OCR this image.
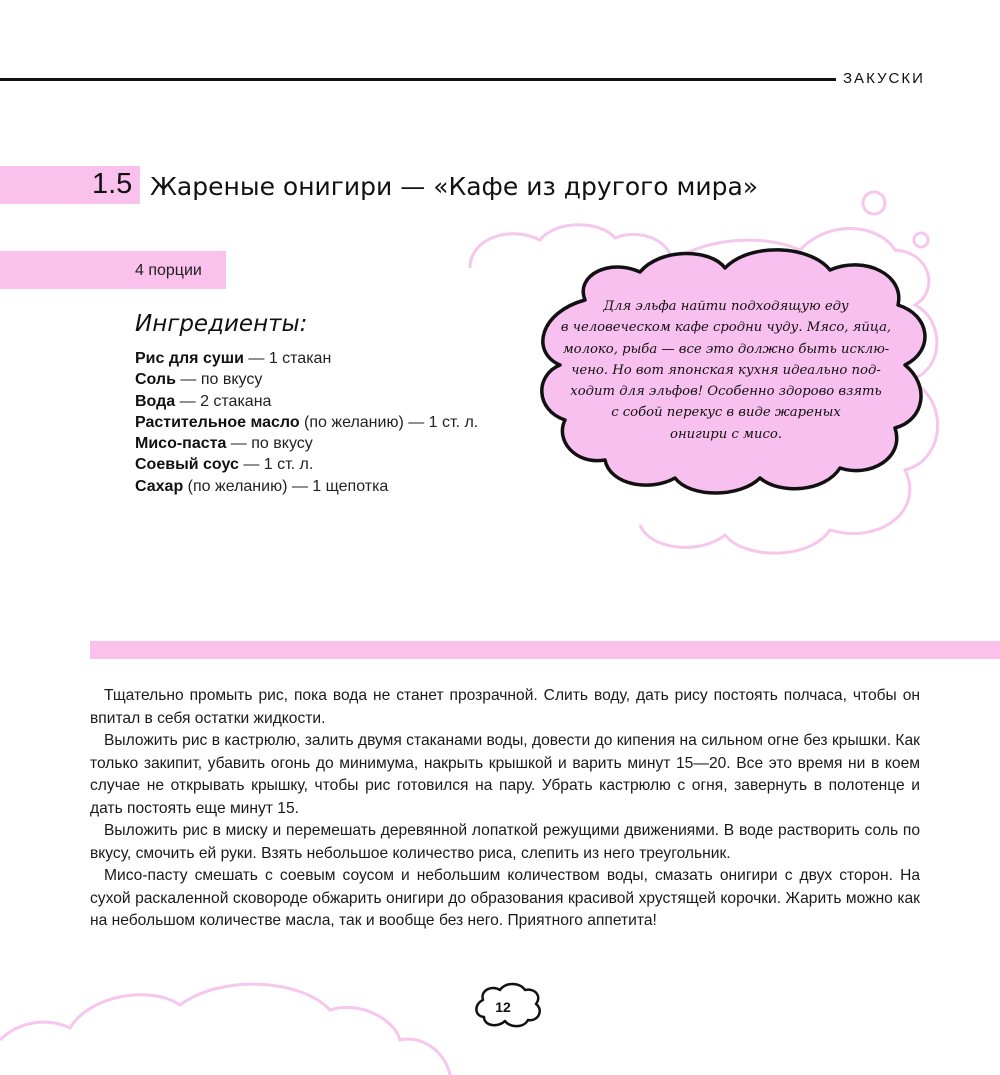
ЗАКУСКИ
1.5 Жареные онигири — «Кафе из другого мира»
4 порции
Ингредиенты:
Рис для суши — 1 стакан
Соль — по вкусу
Вода — 2 стакана
Растительное масло (по желанию) — 1 ст. л.
Мисо-паста — по вкусу
Соевый соус — 1 ст. л.
Сахар (по желанию) — 1 щепотка
Для эльфа найти подходящую еду
в человеческом кафе сродни чуду. Мясо, яйца,
молоко, рыба — все это должно быть исклю-
чено. Но вот японская кухня идеально под-
ходит для эльфов! Особенно здорово взять
с собой перекус в виде жареных
онигири с мисо.

Тщательно промыть рис, пока вода не станет прозрачной. Слить воду, дать рису постоять полчаса, чтобы он впитал в себя остатки жидкости.

Выложить рис в кастрюлю, залить двумя стаканами воды, довести до кипения на сильном огне без крышки. Как только закипит, убавить огонь до минимума, накрыть крышкой и варить минут 15—20. Все это время ни в коем случае не открывать крышку, чтобы рис готовился на пару. Убрать кастрюлю с огня, завернуть в полотенце и дать постоять еще минут 15.

Выложить рис в миску и перемешать деревянной лопаткой режущими движениями. В воде растворить соль по вкусу, смочить ей руки. Взять небольшое количество риса, слепить из него треугольник.

Мисо-пасту смешать с соевым соусом и небольшим количеством воды, смазать онигири с двух сторон. На сухой раскаленной сковороде обжарить онигири до образования красивой хрустящей корочки. Жарить можно как на небольшом количестве масла, так и вообще без него. Приятного аппетита!

12
